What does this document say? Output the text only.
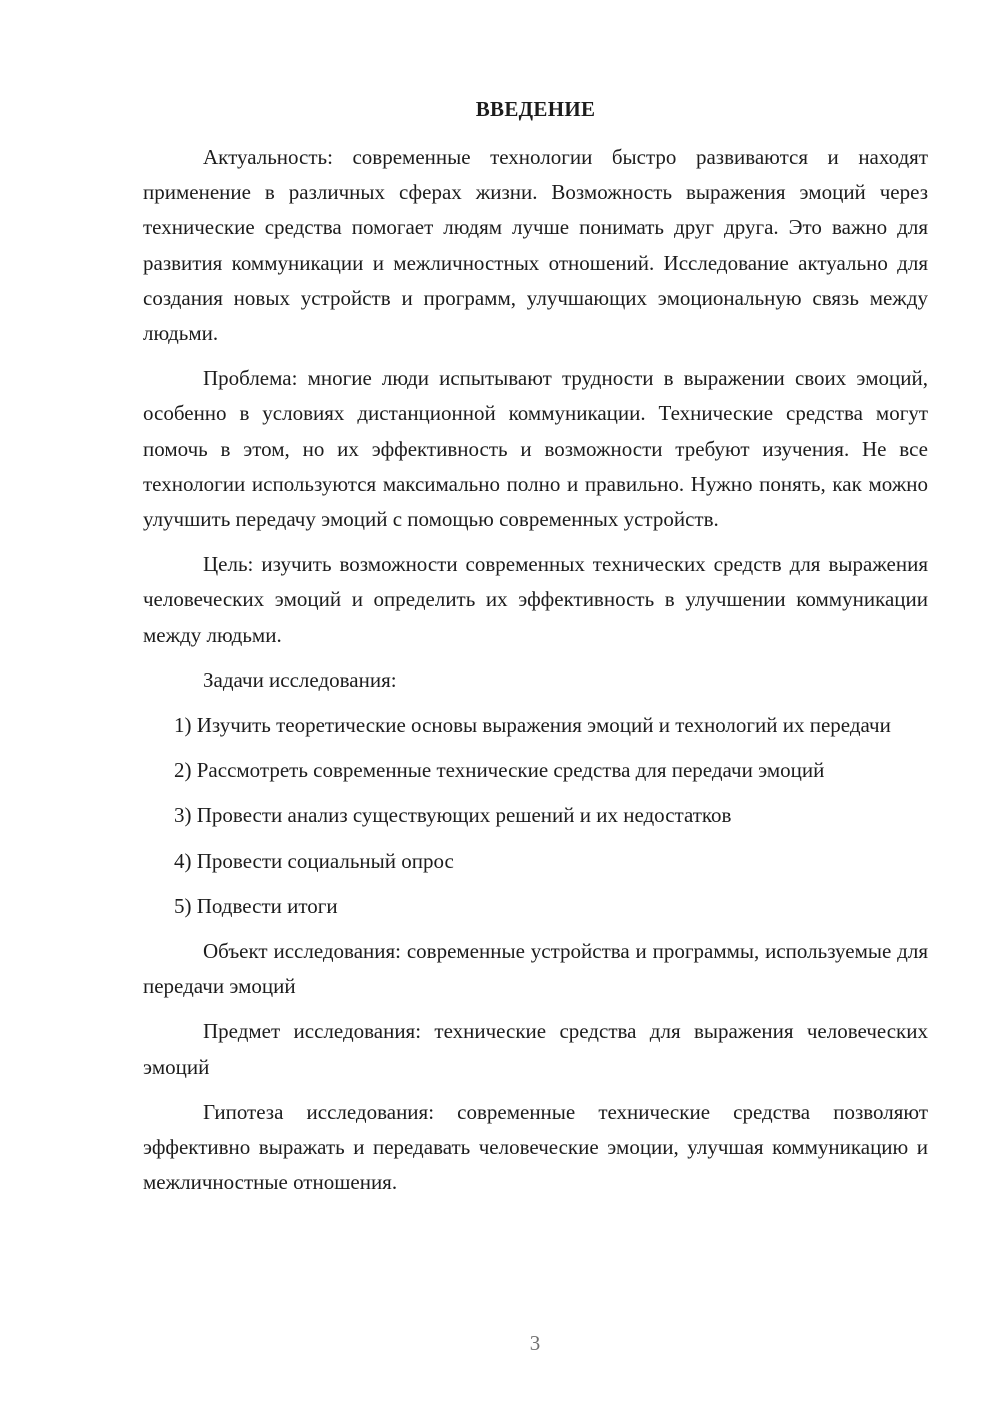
ВВЕДЕНИЕ

Актуальность: современные технологии быстро развиваются и находят применение в различных сферах жизни. Возможность выражения эмоций через технические средства помогает людям лучше понимать друг друга. Это важно для развития коммуникации и межличностных отношений. Исследование актуально для создания новых устройств и программ, улучшающих эмоциональную связь между людьми.

Проблема: многие люди испытывают трудности в выражении своих эмоций, особенно в условиях дистанционной коммуникации. Технические средства могут помочь в этом, но их эффективность и возможности требуют изучения. Не все технологии используются максимально полно и правильно. Нужно понять, как можно улучшить передачу эмоций с помощью современных устройств.

Цель: изучить возможности современных технических средств для выражения человеческих эмоций и определить их эффективность в улучшении коммуникации между людьми.

Задачи исследования:

1) Изучить теоретические основы выражения эмоций и технологий их передачи

2) Рассмотреть современные технические средства для передачи эмоций

3) Провести анализ существующих решений и их недостатков

4) Провести социальный опрос

5) Подвести итоги

Объект исследования: современные устройства и программы, используемые для передачи эмоций

Предмет исследования: технические средства для выражения человеческих эмоций

Гипотеза исследования: современные технические средства позволяют эффективно выражать и передавать человеческие эмоции, улучшая коммуникацию и межличностные отношения.

3
